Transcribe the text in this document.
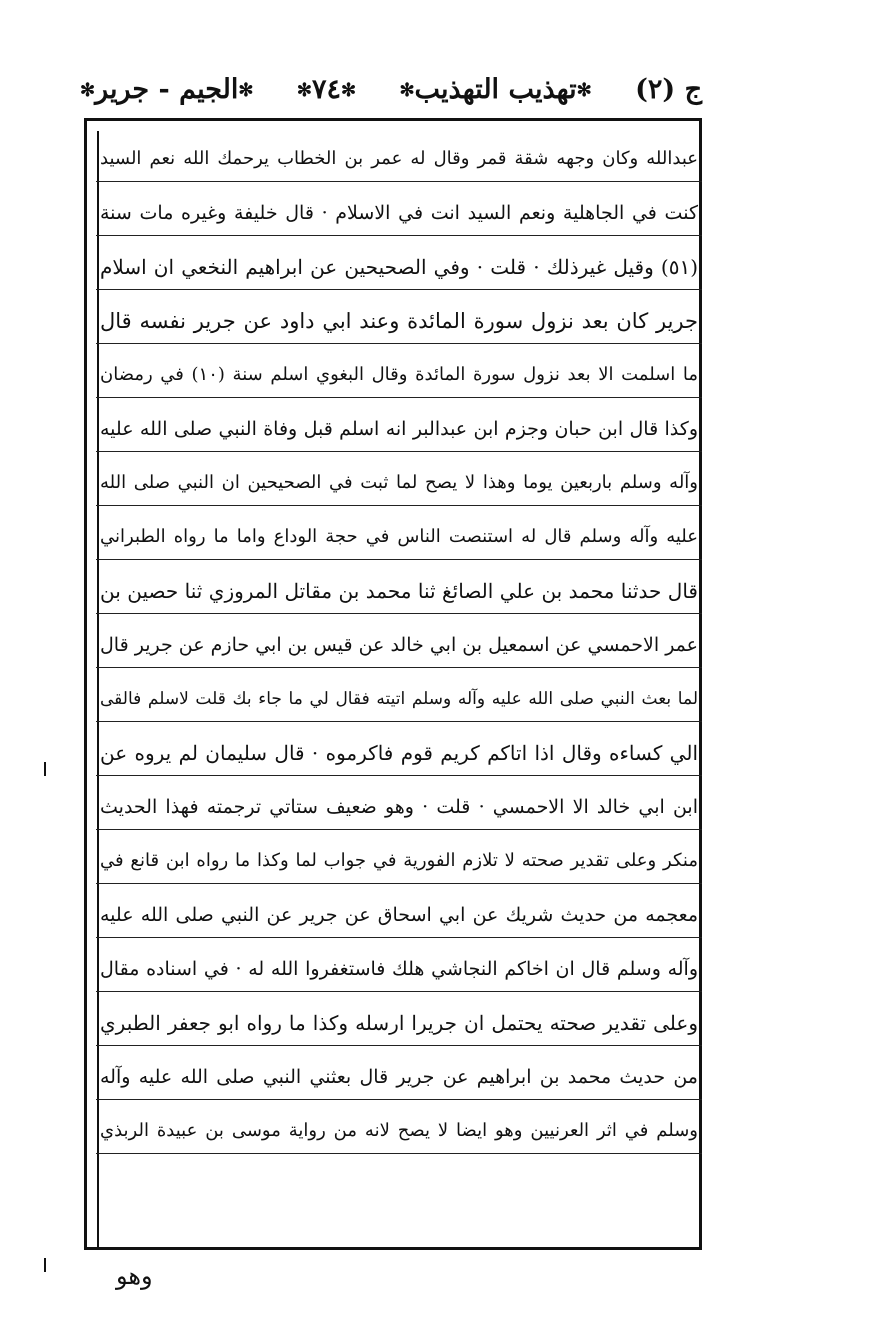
ج (٢)
✻تهذيب التهذيب✻
✻٧٤✻
✻الجيم - جرير✻
عبدالله وكان وجهه شقة قمر وقال له عمر بن الخطاب يرحمك الله نعم السيد
كنت في الجاهلية ونعم السيد انت في الاسلام · قال خليفة وغيره مات سنة
(٥١) وقيل غيرذلك · قلت · وفي الصحيحين عن ابراهيم النخعي ان اسلام
جرير كان بعد نزول سورة المائدة وعند ابي داود عن جرير نفسه قال
ما اسلمت الا بعد نزول سورة المائدة وقال البغوي اسلم سنة (١٠) في رمضان
وكذا قال ابن حبان وجزم ابن عبدالبر انه اسلم قبل وفاة النبي صلى الله عليه
وآله وسلم باربعين يوما وهذا لا يصح لما ثبت في الصحيحين ان النبي صلى الله
عليه وآله وسلم قال له استنصت الناس في حجة الوداع واما ما رواه الطبراني
قال حدثنا محمد بن علي الصائغ ثنا محمد بن مقاتل المروزي ثنا حصين بن
عمر الاحمسي عن اسمعيل بن ابي خالد عن قيس بن ابي حازم عن جرير قال
لما بعث النبي صلى الله عليه وآله وسلم اتيته فقال لي ما جاء بك قلت لاسلم فالقى
الي كساءه وقال اذا اتاكم كريم قوم فاكرموه · قال سليمان لم يروه عن
ابن ابي خالد الا الاحمسي · قلت · وهو ضعيف ستاتي ترجمته فهذا الحديث
منكر وعلى تقدير صحته لا تلازم الفورية في جواب لما وكذا ما رواه ابن قانع في
معجمه من حديث شريك عن ابي اسحاق عن جرير عن النبي صلى الله عليه
وآله وسلم قال ان اخاكم النجاشي هلك فاستغفروا الله له · في اسناده مقال
وعلى تقدير صحته يحتمل ان جريرا ارسله وكذا ما رواه ابو جعفر الطبري
من حديث محمد بن ابراهيم عن جرير قال بعثني النبي صلى الله عليه وآله
وسلم في اثر العرنيين وهو ايضا لا يصح لانه من رواية موسى بن عبيدة الربذي
وهو
